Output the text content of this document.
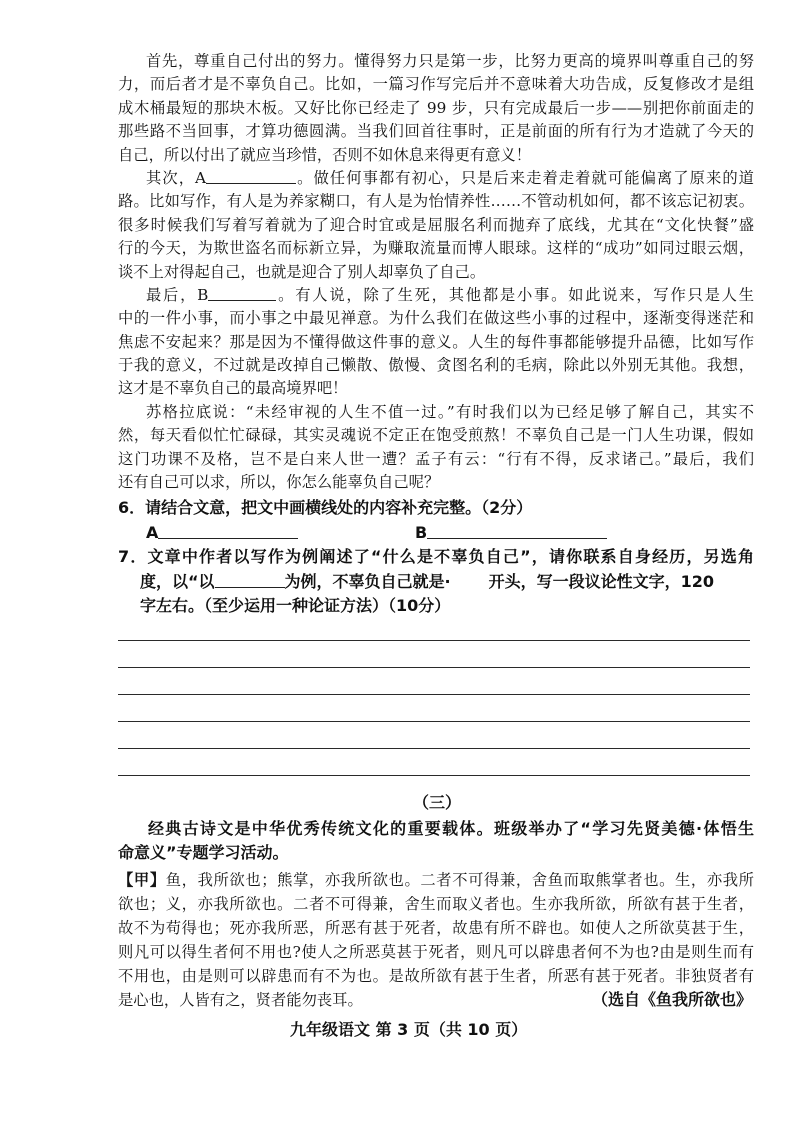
首先，尊重自己付出的努力。懂得努力只是第一步，比努力更高的境界叫尊重自己的努
力，而后者才是不辜负自己。比如，一篇习作写完后并不意味着大功告成，反复修改才是组
成木桶最短的那块木板。又好比你已经走了 99 步，只有完成最后一步——别把你前面走的
那些路不当回事，才算功德圆满。当我们回首往事时，正是前面的所有行为才造就了今天的
自己，所以付出了就应当珍惜，否则不如休息来得更有意义！
其次，A	。做任何事都有初心，只是后来走着走着就可能偏离了原来的道
路。比如写作，有人是为养家糊口，有人是为怡情养性……不管动机如何，都不该忘记初衷。
很多时候我们写着写着就为了迎合时宜或是屈服名利而抛弃了底线，尤其在“文化快餐”盛
行的今天，为欺世盗名而标新立异，为赚取流量而博人眼球。这样的“成功”如同过眼云烟，
谈不上对得起自己，也就是迎合了别人却辜负了自己。
最后，B	。有人说，除了生死，其他都是小事。如此说来，写作只是人生
中的一件小事，而小事之中最见禅意。为什么我们在做这些小事的过程中，逐渐变得迷茫和
焦虑不安起来？那是因为不懂得做这件事的意义。人生的每件事都能够提升品德，比如写作
于我的意义，不过就是改掉自己懒散、傲慢、贪图名利的毛病，除此以外别无其他。我想，
这才是不辜负自己的最高境界吧！
苏格拉底说：“未经审视的人生不值一过。”有时我们以为已经足够了解自己，其实不
然，每天看似忙忙碌碌，其实灵魂说不定正在饱受煎熬！不辜负自己是一门人生功课，假如
这门功课不及格，岂不是白来人世一遭？孟子有云：“行有不得，反求诸己。”最后，我们
还有自己可以求，所以，你怎么能辜负自己呢？
6．请结合文意，把文中画横线处的内容补充完整。（2分）
A	B
7．文章中作者以写作为例阐述了“什么是不辜负自己”，请你联系自身经历，另选角
度，以“以	为例，不辜负自己就是· 开头，写一段议论性文字，120
字左右。（至少运用一种论证方法）（10分）
（三）
经典古诗文是中华优秀传统文化的重要载体。班级举办了“学习先贤美德·体悟生
命意义”专题学习活动。
【甲】鱼，我所欲也；熊掌，亦我所欲也。二者不可得兼，舍鱼而取熊掌者也。生，亦我所
欲也；义，亦我所欲也。二者不可得兼，舍生而取义者也。生亦我所欲，所欲有甚于生者，
故不为苟得也；死亦我所恶，所恶有甚于死者，故患有所不辟也。如使人之所欲莫甚于生，
则凡可以得生者何不用也?使人之所恶莫甚于死者，则凡可以辟患者何不为也?由是则生而有
不用也，由是则可以辟患而有不为也。是故所欲有甚于生者，所恶有甚于死者。非独贤者有
是心也，人皆有之，贤者能勿丧耳。	（选自《鱼我所欲也》
九年级语文 第 3 页（共 10 页）
